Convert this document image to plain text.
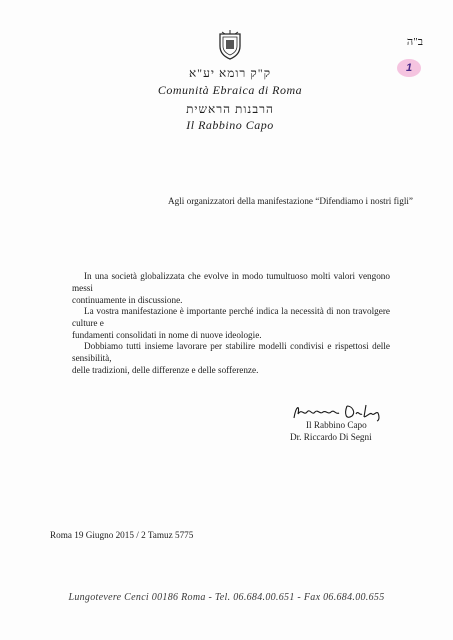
ב"ה
1
ק"ק רומא יע"א
Comunità Ebraica di Roma
הרבנות הראשית
Il Rabbino Capo
Agli organizzatori della manifestazione “Difendiamo i nostri figli”
In una società globalizzata che evolve in modo tumultuoso molti valori vengono messi
continuamente in discussione.
La vostra manifestazione è importante perché indica la necessità di non travolgere culture e
fundamenti consolidati in nome di nuove ideologie.
Dobbiamo tutti insieme lavorare per stabilire modelli condivisi e rispettosi delle sensibilità,
delle tradizioni, delle differenze e delle sofferenze.
Il Rabbino Capo
Dr. Riccardo Di Segni
Roma 19 Giugno 2015 / 2 Tamuz 5775
Lungotevere Cenci 00186 Roma - Tel. 06.684.00.651 - Fax 06.684.00.655
